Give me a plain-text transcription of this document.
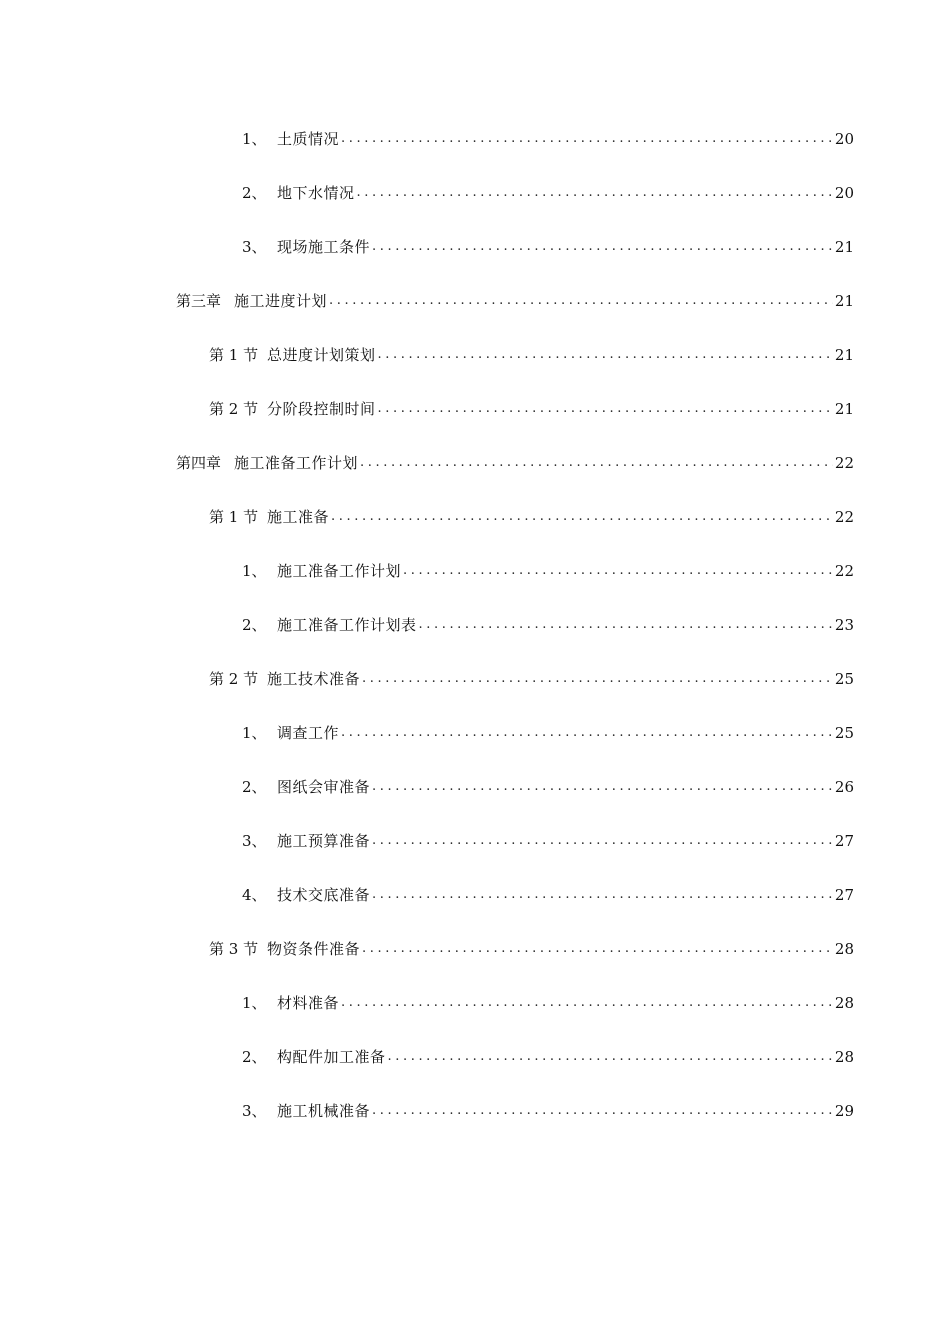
1、 土质情况 .....	20
2、 地下水情况 .....	20
3、 现场施工条件 .....	21
第三章 施工进度计划 .....	21
第 1 节 总进度计划策划 .....	21
第 2 节 分阶段控制时间 .....	21
第四章 施工准备工作计划 .....	22
第 1 节 施工准备 .....	22
1、 施工准备工作计划 .....	22
2、 施工准备工作计划表 .....	23
第 2 节 施工技术准备 .....	25
1、 调查工作 .....	25
2、 图纸会审准备 .....	26
3、 施工预算准备 .....	27
4、 技术交底准备 .....	27
第 3 节 物资条件准备 .....	28
1、 材料准备 .....	28
2、 构配件加工准备 .....	28
3、 施工机械准备 .....	29
